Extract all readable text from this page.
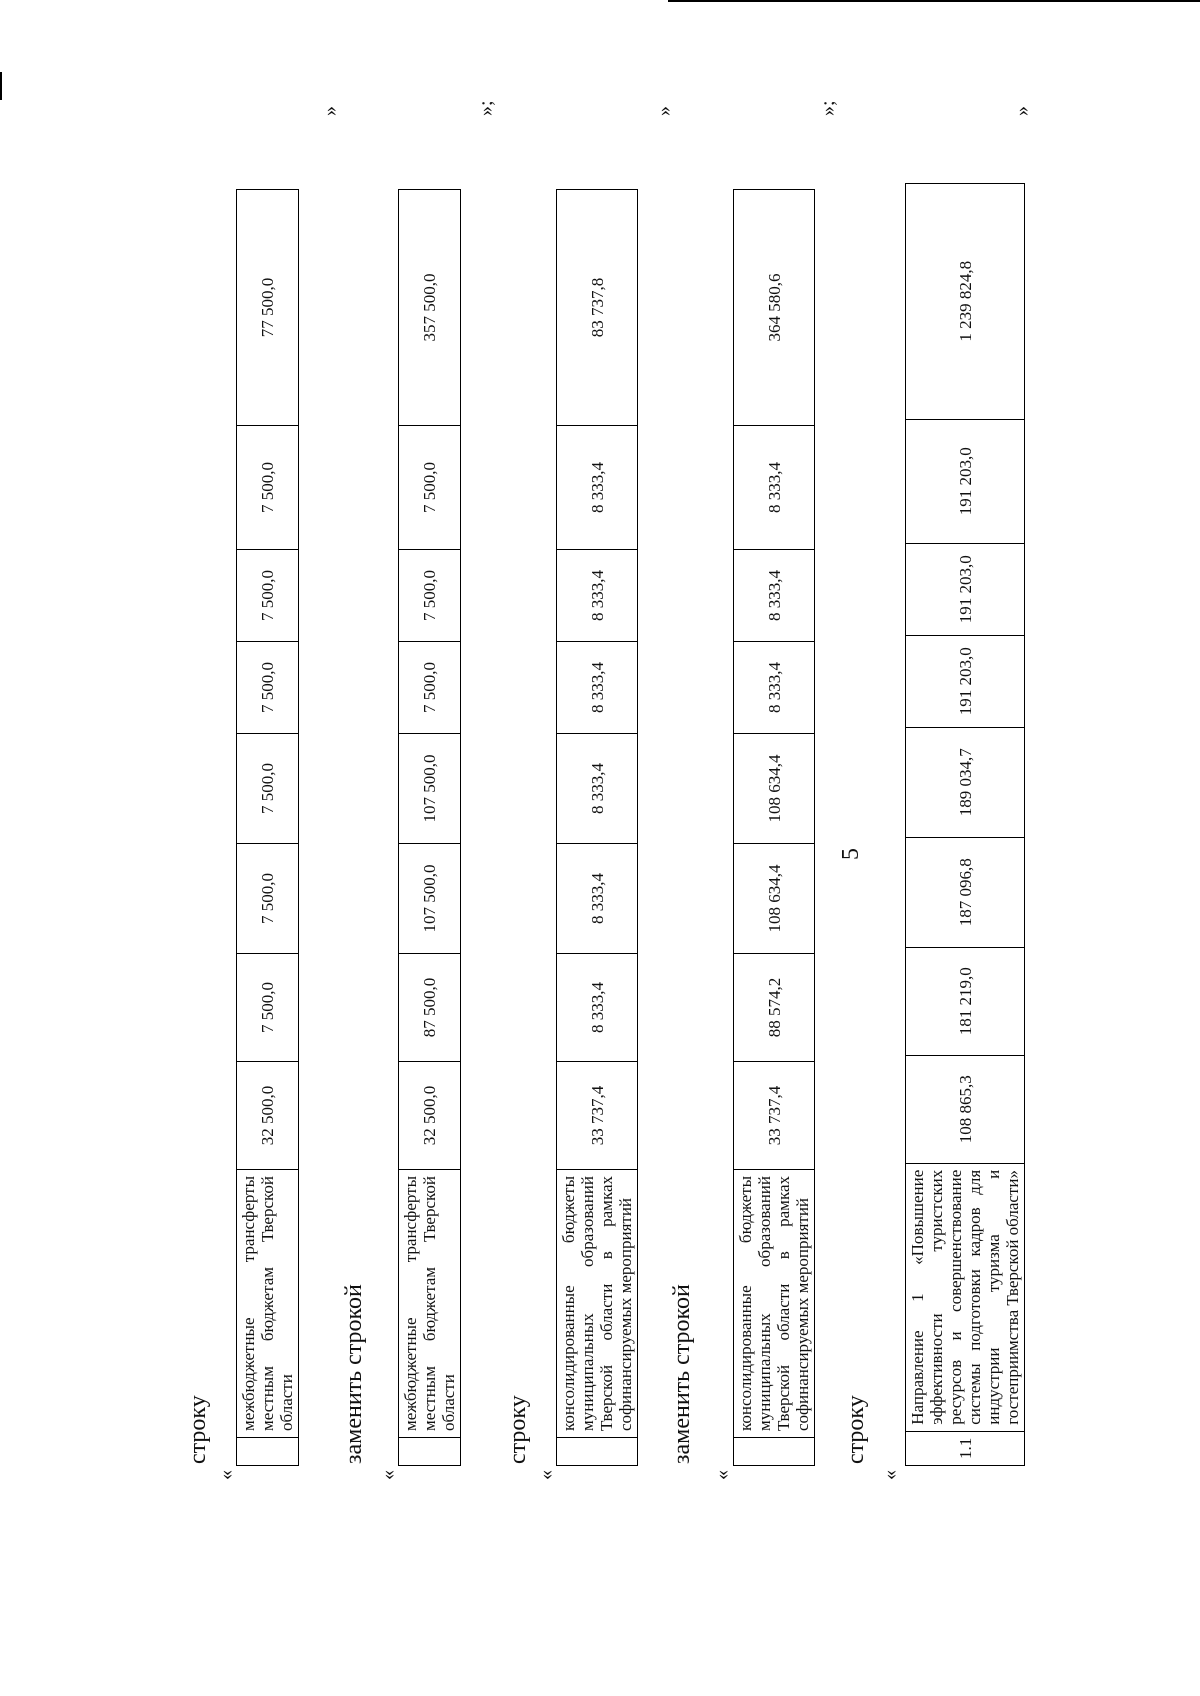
5
строку
«
	межбюджетные трансферты местным бюджетам Тверской области	32 500,0	7 500,0	7 500,0	7 500,0	7 500,0	7 500,0	7 500,0	77 500,0
»
заменить строкой
«
	межбюджетные трансферты местным бюджетам Тверской области	32 500,0	87 500,0	107 500,0	107 500,0	7 500,0	7 500,0	7 500,0	357 500,0
»;
строку
«
	консолидированные бюджеты муниципальных образований Тверской области в рамках софинансируемых мероприятий	33 737,4	8 333,4	8 333,4	8 333,4	8 333,4	8 333,4	8 333,4	83 737,8
»
заменить строкой
«
	консолидированные бюджеты муниципальных образований Тверской области в рамках софинансируемых мероприятий	33 737,4	88 574,2	108 634,4	108 634,4	8 333,4	8 333,4	8 333,4	364 580,6
»;
строку
«
1.1	Направление 1 «Повышение эффективности туристских ресурсов и совершенствование системы подготовки кадров для индустрии туризма и гостеприимства Тверской области»	108 865,3	181 219,0	187 096,8	189 034,7	191 203,0	191 203,0	191 203,0	1 239 824,8
»
